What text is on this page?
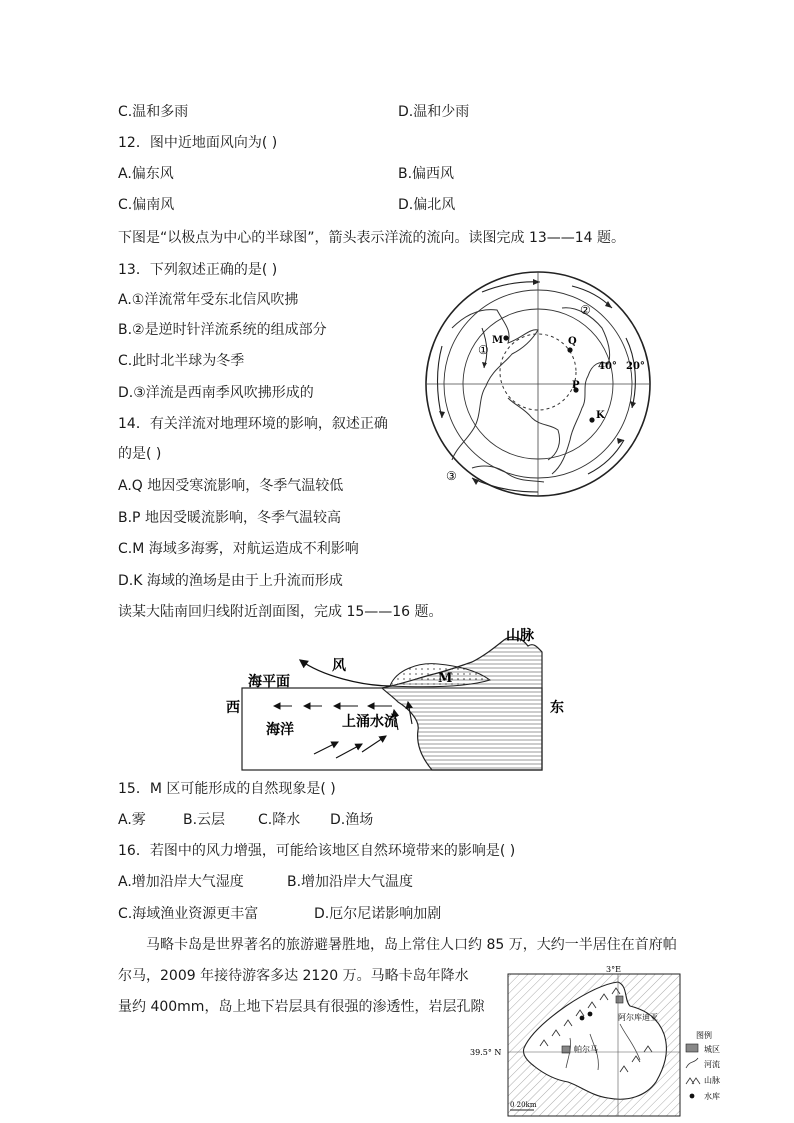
C.温和多雨	D.温和少雨
12．图中近地面风向为( )
A.偏东风	B.偏西风
C.偏南风	D.偏北风
下图是“以极点为中心的半球图”，箭头表示洋流的流向。读图完成 13——14 题。
13．下列叙述正确的是( )
A.①洋流常年受东北信风吹拂
B.②是逆时针洋流系统的组成部分
C.此时北半球为冬季
D.③洋流是西南季风吹拂形成的
14．有关洋流对地理环境的影响，叙述正确
的是( )
A.Q 地因受寒流影响，冬季气温较低
B.P 地因受暖流影响，冬季气温较高
C.M 海域多海雾，对航运造成不利影响
D.K 海域的渔场是由于上升流而形成
M	Q
P
K
40° 20°
①
②
③
读某大陆南回归线附近剖面图，完成 15——16 题。
山脉
风
海平面	M
西	东
海洋	上涌水流
15．M 区可能形成的自然现象是( )
A.雾	B.云层 C.降水 D.渔场
16．若图中的风力增强，可能给该地区自然环境带来的影响是( )
A.增加沿岸大气湿度	B.增加沿岸大气温度
C.海域渔业资源更丰富	D.厄尔尼诺影响加剧
马略卡岛是世界著名的旅游避暑胜地，岛上常住人口约 85 万，大约一半居住在首府帕
尔马，2009 年接待游客多达 2120 万。马略卡岛年降水
量约 400mm，岛上地下岩层具有很强的渗透性，岩层孔隙
阿尔库迪亚
帕尔马
3°E
39.5° N
0 20km
图例
城区
河流
山脉
水库
